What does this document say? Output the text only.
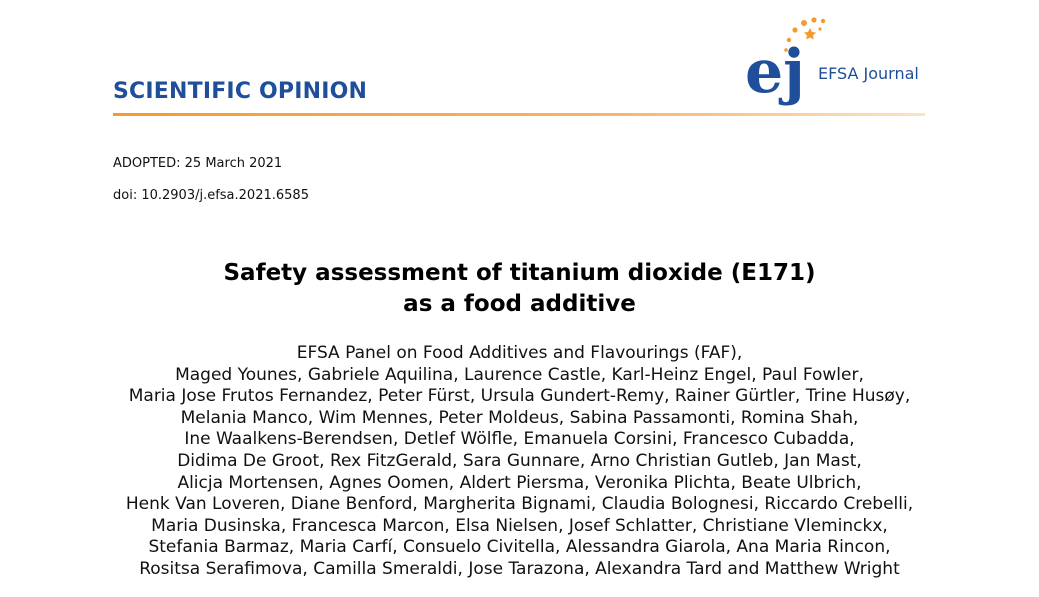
SCIENTIFIC OPINION	ej EFSA Journal
ADOPTED: 25 March 2021
doi: 10.2903/j.efsa.2021.6585
Safety assessment of titanium dioxide (E171)
as a food additive
EFSA Panel on Food Additives and Flavourings (FAF),
Maged Younes, Gabriele Aquilina, Laurence Castle, Karl-Heinz Engel, Paul Fowler,
Maria Jose Frutos Fernandez, Peter Fürst, Ursula Gundert-Remy, Rainer Gürtler, Trine Husøy,
Melania Manco, Wim Mennes, Peter Moldeus, Sabina Passamonti, Romina Shah,
Ine Waalkens-Berendsen, Detlef Wölfle, Emanuela Corsini, Francesco Cubadda,
Didima De Groot, Rex FitzGerald, Sara Gunnare, Arno Christian Gutleb, Jan Mast,
Alicja Mortensen, Agnes Oomen, Aldert Piersma, Veronika Plichta, Beate Ulbrich,
Henk Van Loveren, Diane Benford, Margherita Bignami, Claudia Bolognesi, Riccardo Crebelli,
Maria Dusinska, Francesca Marcon, Elsa Nielsen, Josef Schlatter, Christiane Vleminckx,
Stefania Barmaz, Maria Carfí, Consuelo Civitella, Alessandra Giarola, Ana Maria Rincon,
Rositsa Serafimova, Camilla Smeraldi, Jose Tarazona, Alexandra Tard and Matthew Wright
